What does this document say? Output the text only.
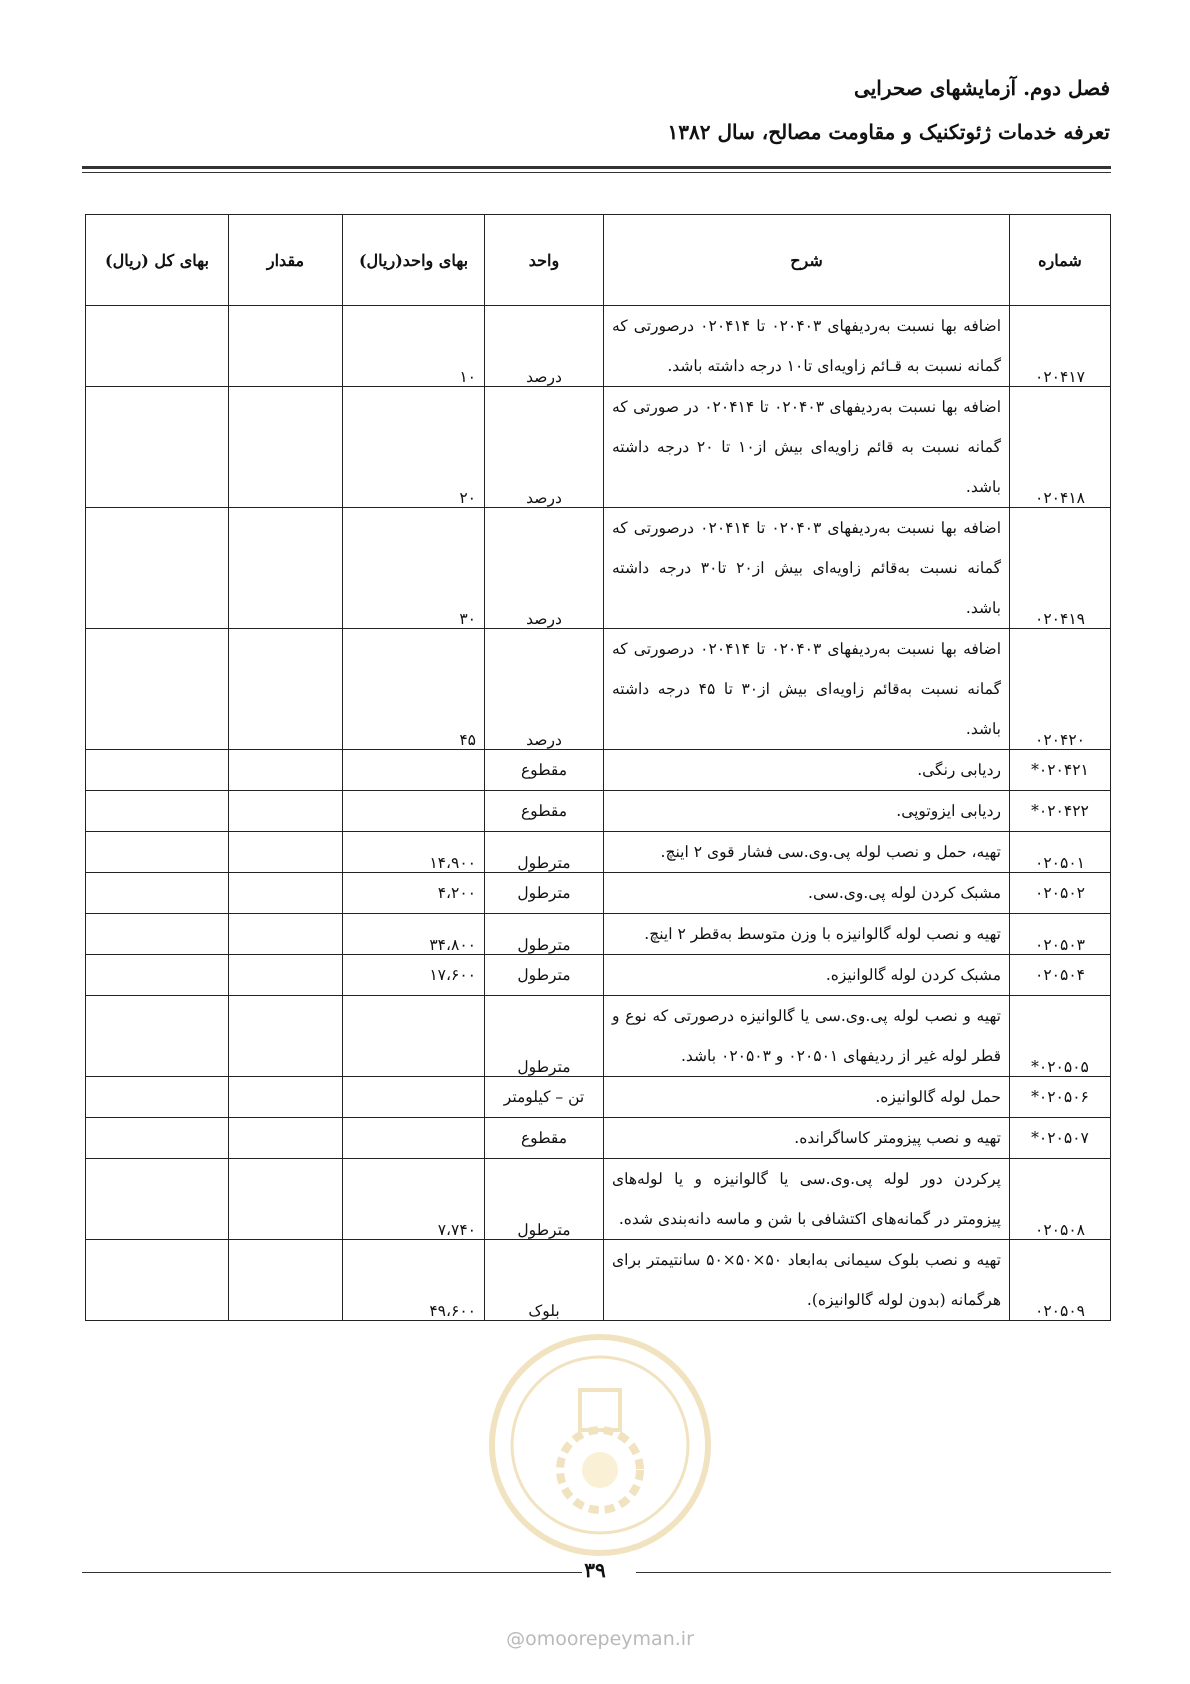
فصل دوم. آزمایشهای صحرایی
تعرفه خدمات ژئوتکنیک و مقاومت مصالح، سال ۱۳۸۲
شماره	شرح	واحد	بهای واحد(ریال)	مقدار	بهای کل (ریال)
۰۲۰۴۱۷	اضافه بها نسبت به‌ردیفهای ۰۲۰۴۰۳ تا ۰۲۰۴۱۴ درصورتی که گمانه نسبت به قـائم زاویه‌ای تا۱۰ درجه داشته باشد.	درصد	۱۰		
۰۲۰۴۱۸	اضافه بها نسبت به‌ردیفهای ۰۲۰۴۰۳ تا ۰۲۰۴۱۴ در صورتی که گمانه نسبت به قائم زاویه‌ای بیش از۱۰ تا ۲۰ درجه داشته باشد.	درصد	۲۰		
۰۲۰۴۱۹	اضافه بها نسبت به‌ردیفهای ۰۲۰۴۰۳ تا ۰۲۰۴۱۴ درصورتی که گمانه نسبت به‌قائم زاویه‌ای بیش از۲۰ تا۳۰ درجه داشته باشد.	درصد	۳۰		
۰۲۰۴۲۰	اضافه بها نسبت به‌ردیفهای ۰۲۰۴۰۳ تا ۰۲۰۴۱۴ درصورتی که گمانه نسبت به‌قائم زاویه‌ای بیش از۳۰ تا ۴۵ درجه داشته باشد.	درصد	۴۵		
*۰۲۰۴۲۱	ردیابی رنگی.	مقطوع			
*۰۲۰۴۲۲	ردیابی ایزوتوپی.	مقطوع			
۰۲۰۵۰۱	تهیه، حمل و نصب لوله پی.وی.سی فشار قوی ۲ اینچ.	مترطول	۱۴،۹۰۰		
۰۲۰۵۰۲	مشبک کردن لوله پی.وی.سی.	مترطول	۴،۲۰۰		
۰۲۰۵۰۳	تهیه و نصب لوله گالوانیزه با وزن متوسط به‌قطر ۲ اینچ.	مترطول	۳۴،۸۰۰		
۰۲۰۵۰۴	مشبک کردن لوله گالوانیزه.	مترطول	۱۷،۶۰۰		
*۰۲۰۵۰۵	تهیه و نصب لوله پی.وی.سی یا گالوانیزه درصورتی که نوع و قطر لوله غیر از ردیفهای ۰۲۰۵۰۱ و ۰۲۰۵۰۳ باشد.	مترطول			
*۰۲۰۵۰۶	حمل لوله گالوانیزه.	تن – کیلومتر			
*۰۲۰۵۰۷	تهیه و نصب پیزومتر کاساگرانده.	مقطوع			
۰۲۰۵۰۸	پرکردن دور لوله پی.وی.سی یا گالوانیزه و یا لوله‌های پیزومتر در گمانه‌های اکتشافی با شن و ماسه دانه‌بندی شده.	مترطول	۷،۷۴۰		
۰۲۰۵۰۹	تهیه و نصب بلوک سیمانی به‌ابعاد ۵۰×۵۰×۵۰ سانتیمتر برای هرگمانه (بدون لوله گالوانیزه).	بلوک	۴۹،۶۰۰		
۳۹
@omoorepeyman.ir
